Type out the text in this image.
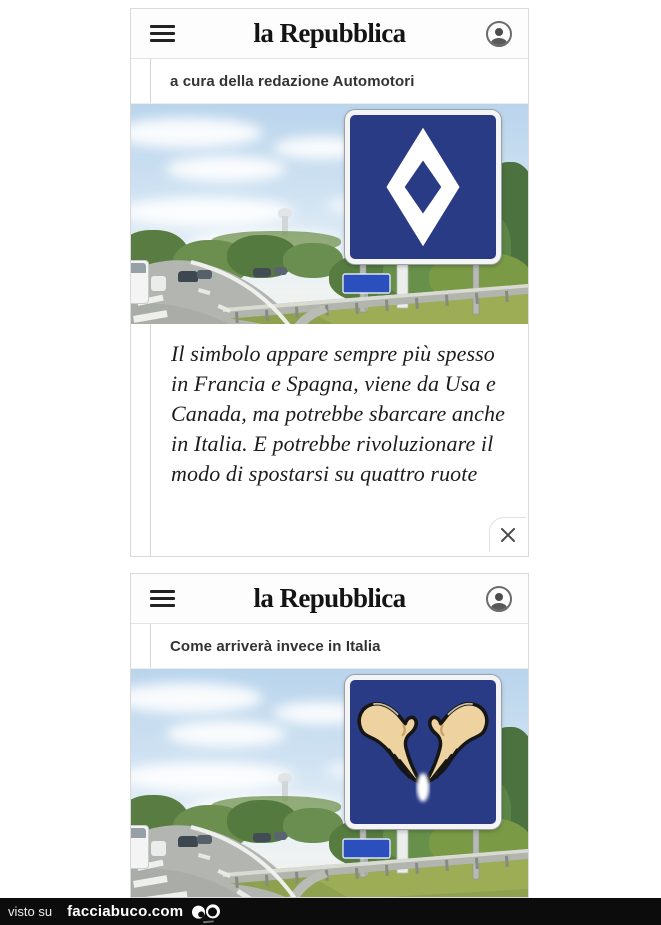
la Repubblica
a cura della redazione Automotori

Il simbolo appare sempre più spesso in Francia e Spagna, viene da Usa e Canada, ma potrebbe sbarcare anche in Italia. E potrebbe rivoluzionare il modo di spostarsi su quattro ruote

la Repubblica
Come arriverà invece in Italia
visto su facciabuco.com
